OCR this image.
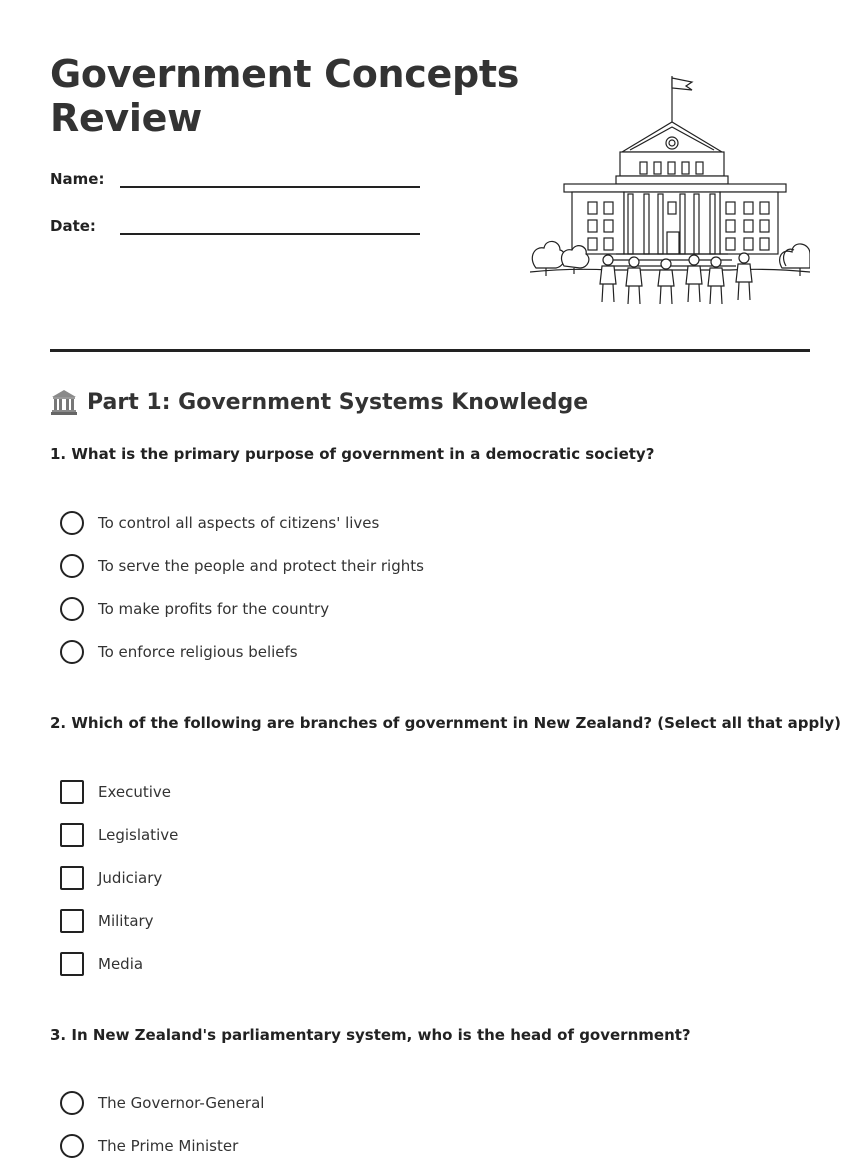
Government Concepts Review
Name:
Date:
Part 1: Government Systems Knowledge
1. What is the primary purpose of government in a democratic society?
To control all aspects of citizens' lives
To serve the people and protect their rights
To make profits for the country
To enforce religious beliefs
2. Which of the following are branches of government in New Zealand? (Select all that apply)
Executive
Legislative
Judiciary
Military
Media
3. In New Zealand's parliamentary system, who is the head of government?
The Governor-General
The Prime Minister
